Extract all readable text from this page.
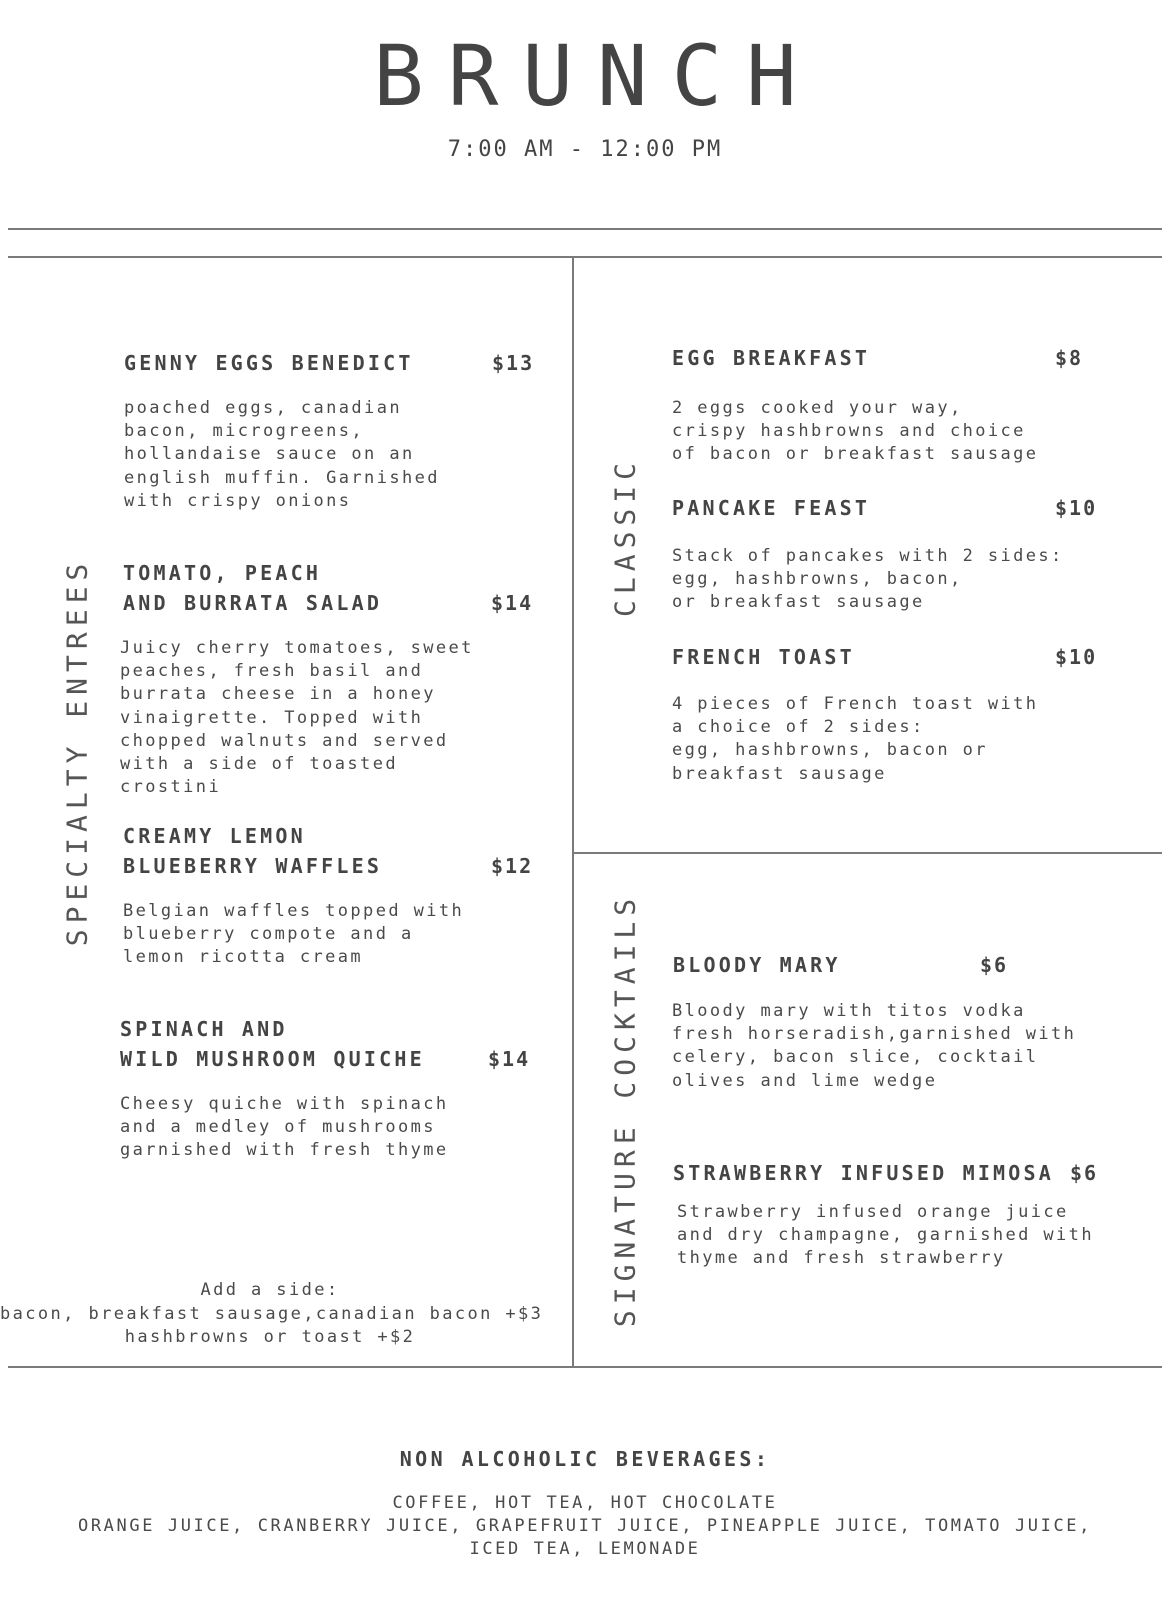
BRUNCH
7:00 AM - 12:00 PM
SPECIALTY ENTREES
CLASSIC
SIGNATURE COCKTAILS
GENNY EGGS BENEDICT	$13
poached eggs, canadian
bacon, microgreens,
hollandaise sauce on an
english muffin. Garnished
with crispy onions
TOMATO, PEACH
AND BURRATA SALAD	$14
Juicy cherry tomatoes, sweet
peaches, fresh basil and
burrata cheese in a honey
vinaigrette. Topped with
chopped walnuts and served
with a side of toasted
crostini
CREAMY LEMON
BLUEBERRY WAFFLES	$12
Belgian waffles topped with
blueberry compote and a
lemon ricotta cream
SPINACH AND
WILD MUSHROOM QUICHE	$14
Cheesy quiche with spinach
and a medley of mushrooms
garnished with fresh thyme
Add a side:
bacon, breakfast sausage,canadian bacon +$3
hashbrowns or toast +$2
EGG BREAKFAST	$8
2 eggs cooked your way,
crispy hashbrowns and choice
of bacon or breakfast sausage
PANCAKE FEAST	$10
Stack of pancakes with 2 sides:
egg, hashbrowns, bacon,
or breakfast sausage
FRENCH TOAST	$10
4 pieces of French toast with
a choice of 2 sides:
egg, hashbrowns, bacon or
breakfast sausage
BLOODY MARY	$6
Bloody mary with titos vodka
fresh horseradish,garnished with
celery, bacon slice, cocktail
olives and lime wedge
STRAWBERRY INFUSED MIMOSA $6
Strawberry infused orange juice
and dry champagne, garnished with
thyme and fresh strawberry
NON ALCOHOLIC BEVERAGES:
COFFEE, HOT TEA, HOT CHOCOLATE
ORANGE JUICE, CRANBERRY JUICE, GRAPEFRUIT JUICE, PINEAPPLE JUICE, TOMATO JUICE,
ICED TEA, LEMONADE
